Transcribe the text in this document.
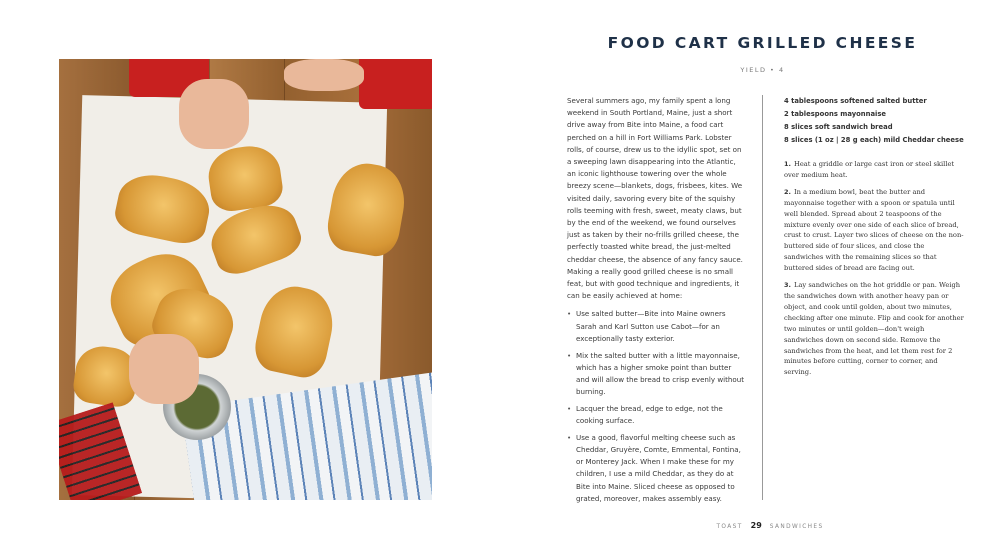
FOOD CART GRILLED CHEESE
YIELD • 4

Several summers ago, my family spent a long weekend in South Portland, Maine, just a short drive away from Bite into Maine, a food cart perched on a hill in Fort Williams Park. Lobster rolls, of course, drew us to the idyllic spot, set on a sweeping lawn disappearing into the Atlantic, an iconic lighthouse towering over the whole breezy scene—blankets, dogs, frisbees, kites. We visited daily, savoring every bite of the squishy rolls teeming with fresh, sweet, meaty claws, but by the end of the weekend, we found ourselves just as taken by their no-frills grilled cheese, the perfectly toasted white bread, the just-melted cheddar cheese, the absence of any fancy sauce. Making a really good grilled cheese is no small feat, but with good technique and ingredients, it can be easily achieved at home:

• Use salted butter—Bite into Maine owners Sarah and Karl Sutton use Cabot—for an exceptionally tasty exterior.
• Mix the salted butter with a little mayonnaise, which has a higher smoke point than butter and will allow the bread to crisp evenly without burning.
• Lacquer the bread, edge to edge, not the cooking surface.
• Use a good, flavorful melting cheese such as Cheddar, Gruyère, Comte, Emmental, Fontina, or Monterey Jack. When I make these for my children, I use a mild Cheddar, as they do at Bite into Maine. Sliced cheese as opposed to grated, moreover, makes assembly easy.
4 tablespoons softened salted butter
2 tablespoons mayonnaise
8 slices soft sandwich bread
8 slices (1 oz | 28 g each) mild Cheddar cheese

1. Heat a griddle or large cast iron or steel skillet over medium heat.

2. In a medium bowl, beat the butter and mayonnaise together with a spoon or spatula until well blended. Spread about 2 teaspoons of the mixture evenly over one side of each slice of bread, crust to crust. Layer two slices of cheese on the non-buttered side of four slices, and close the sandwiches with the remaining slices so that buttered sides of bread are facing out.

3. Lay sandwiches on the hot griddle or pan. Weigh the sandwiches down with another heavy pan or object, and cook until golden, about two minutes, checking after one minute. Flip and cook for another two minutes or until golden—don't weigh sandwiches down on second side. Remove the sandwiches from the heat, and let them rest for 2 minutes before cutting, corner to corner, and serving.

TOAST 29 SANDWICHES
